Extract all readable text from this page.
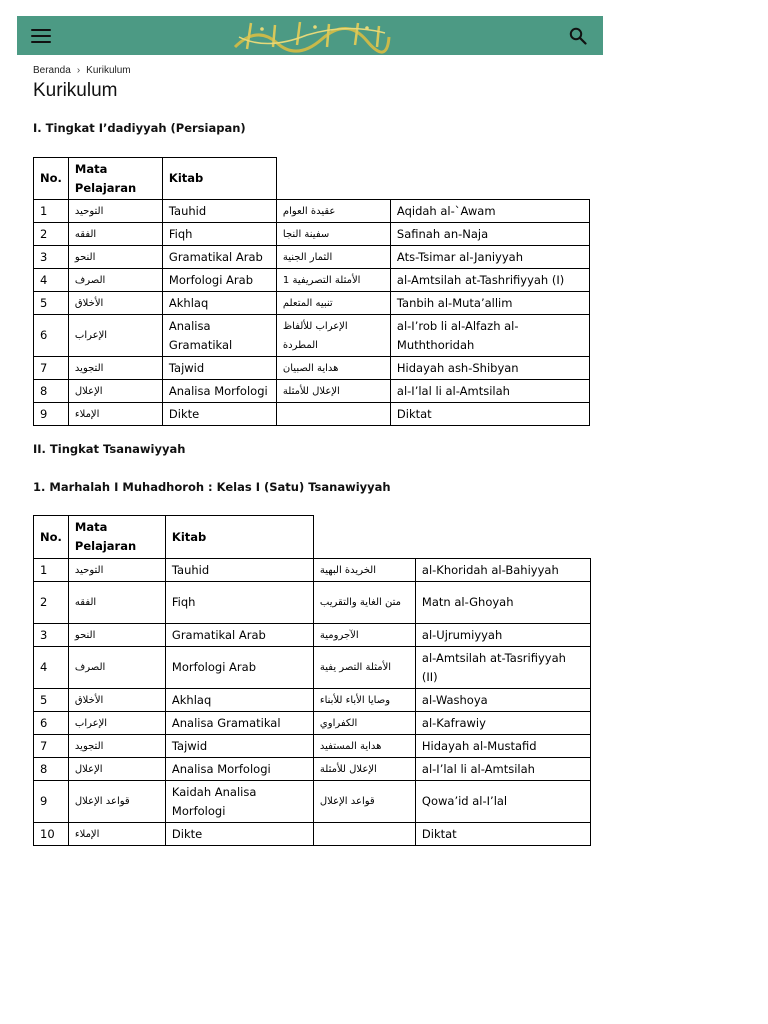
Beranda › Kurikulum
Kurikulum
I. Tingkat I’dadiyyah (Persiapan)
No.	Mata Pelajaran	Kitab		
1	التوحيد	Tauhid	عقيدة العوام	Aqidah al-`Awam
2	الفقه	Fiqh	سفينة النجا	Safinah an-Naja
3	النحو	Gramatikal Arab	الثمار الجنية	Ats-Tsimar al-Janiyyah
4	الصرف	Morfologi Arab	الأمثلة التصريفية 1	al-Amtsilah at-Tashrifiyyah (I)
5	الأخلاق	Akhlaq	تنبيه المتعلم	Tanbih al-Muta’allim
6	الإعراب	Analisa Gramatikal	الإعراب للألفاظ المطردة	al-I’rob li al-Alfazh al-Muththoridah
7	التجويد	Tajwid	هداية الصبيان	Hidayah ash-Shibyan
8	الإعلال	Analisa Morfologi	الإعلال للأمثلة	al-I’lal li al-Amtsilah
9	الإملاء	Dikte		Diktat
II. Tingkat Tsanawiyyah
1. Marhalah I Muhadhoroh : Kelas I (Satu) Tsanawiyyah
No.	Mata Pelajaran	Kitab		
1	التوحيد	Tauhid	الخريدة البهية	al-Khoridah al-Bahiyyah
2	الفقه	Fiqh	متن الغاية والتقريب	Matn al-Ghoyah
3	النحو	Gramatikal Arab	الآجرومية	al-Ujrumiyyah
4	الصرف	Morfologi Arab	الأمثلة التصر يفية	al-Amtsilah at-Tasrifiyyah (II)
5	الأخلاق	Akhlaq	وصايا الأباء للأبناء	al-Washoya
6	الإعراب	Analisa Gramatikal	الكفراوي	al-Kafrawiy
7	التجويد	Tajwid	هداية المستفيد	Hidayah al-Mustafid
8	الإعلال	Analisa Morfologi	الإعلال للأمثلة	al-I’lal li al-Amtsilah
9	قواعد الإعلال	Kaidah Analisa Morfologi	قواعد الإعلال	Qowa’id al-I’lal
10	الإملاء	Dikte		Diktat
